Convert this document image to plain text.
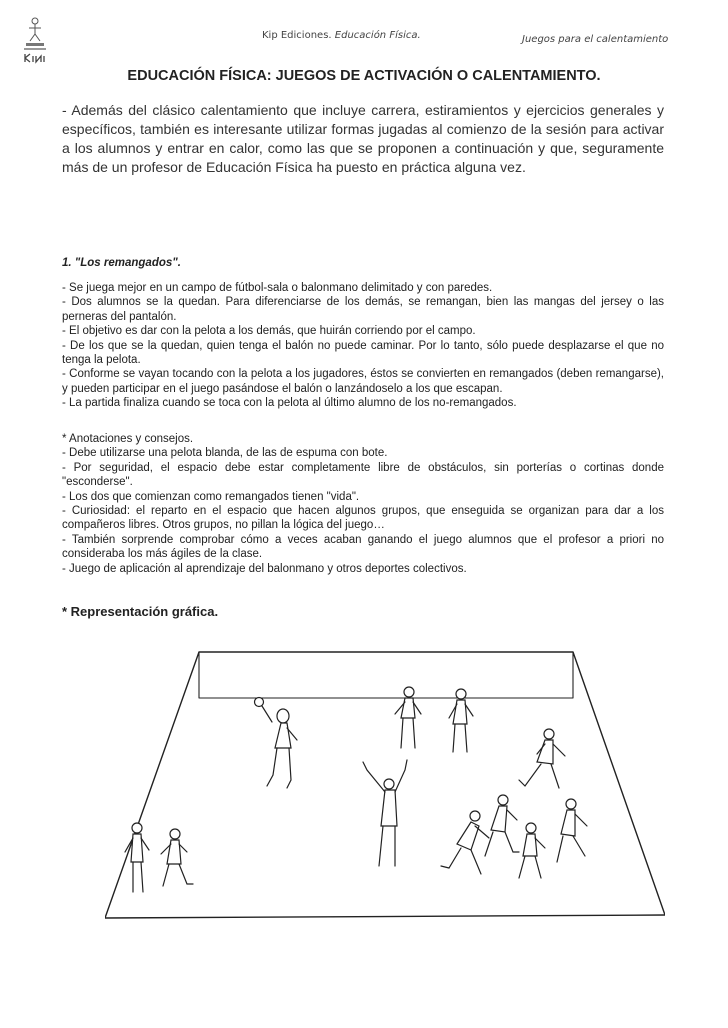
Kip Ediciones. Educación Física.	Juegos para el calentamiento
EDUCACIÓN FÍSICA: JUEGOS DE ACTIVACIÓN O CALENTAMIENTO.

- Además del clásico calentamiento que incluye carrera, estiramientos y ejercicios generales y específicos, también es interesante utilizar formas jugadas al comienzo de la sesión para activar a los alumnos y entrar en calor, como las que se proponen a continuación y que, seguramente más de un profesor de Educación Física ha puesto en práctica alguna vez.

1. "Los remangados".
- Se juega mejor en un campo de fútbol-sala o balonmano delimitado y con paredes.
- Dos alumnos se la quedan. Para diferenciarse de los demás, se remangan, bien las mangas del jersey o las perneras del pantalón.
- El objetivo es dar con la pelota a los demás, que huirán corriendo por el campo.
- De los que se la quedan, quien tenga el balón no puede caminar. Por lo tanto, sólo puede desplazarse el que no tenga la pelota.
- Conforme se vayan tocando con la pelota a los jugadores, éstos se convierten en remangados (deben remangarse), y pueden participar en el juego pasándose el balón o lanzándoselo a los que escapan.
- La partida finaliza cuando se toca con la pelota al último alumno de los no-remangados.
* Anotaciones y consejos.
- Debe utilizarse una pelota blanda, de las de espuma con bote.
- Por seguridad, el espacio debe estar completamente libre de obstáculos, sin porterías o cortinas donde "esconderse".
- Los dos que comienzan como remangados tienen "vida".
- Curiosidad: el reparto en el espacio que hacen algunos grupos, que enseguida se organizan para dar a los compañeros libres. Otros grupos, no pillan la lógica del juego…
- También sorprende comprobar cómo a veces acaban ganando el juego alumnos que el profesor a priori no consideraba los más ágiles de la clase.
- Juego de aplicación al aprendizaje del balonmano y otros deportes colectivos.
* Representación gráfica.
